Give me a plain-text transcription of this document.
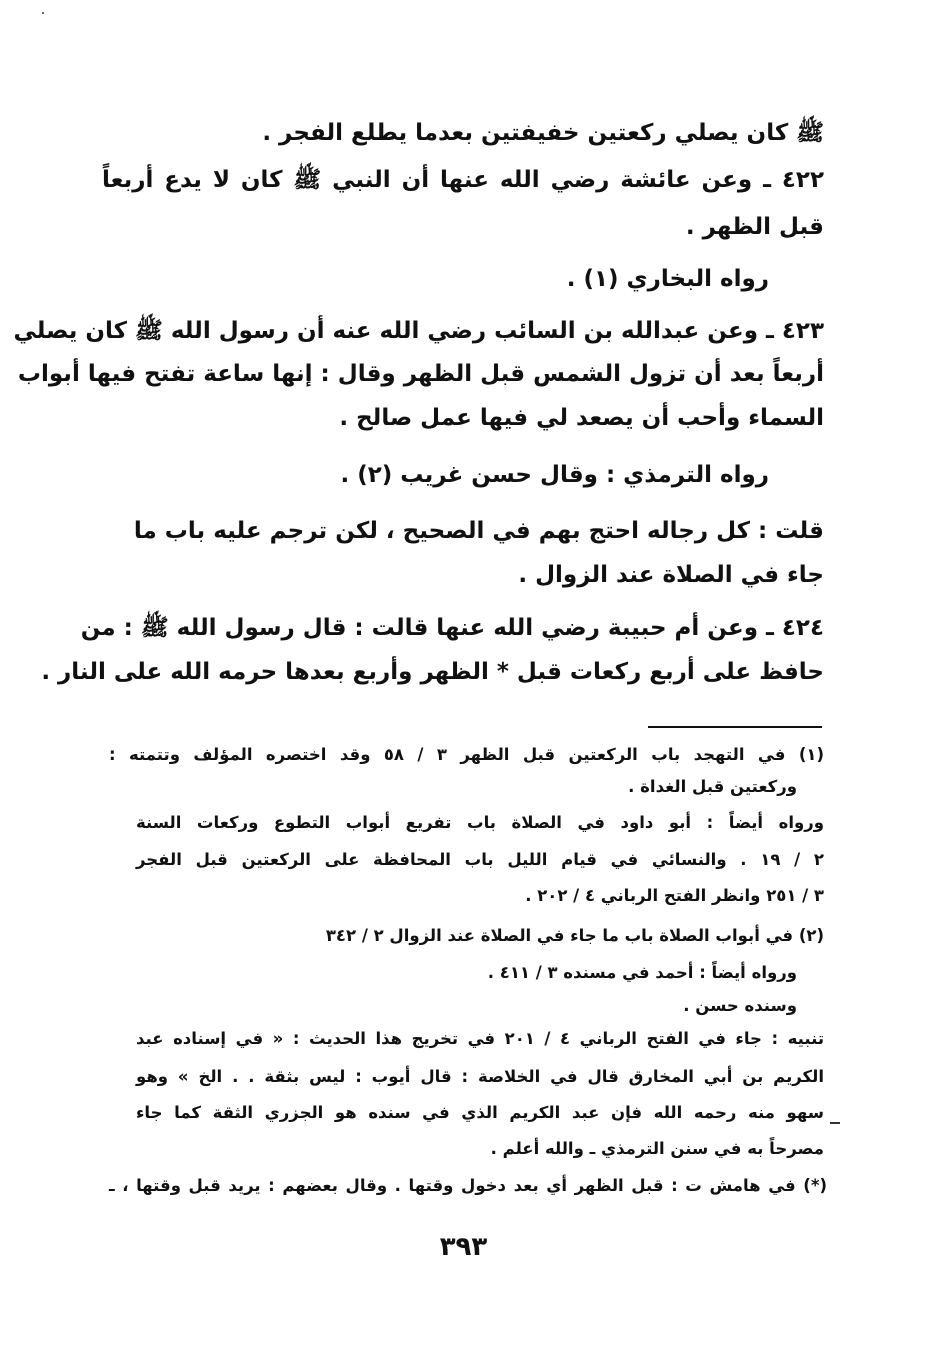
ﷺ كان يصلي ركعتين خفيفتين بعدما يطلع الفجر .
٤٢٢ ـ وعن عائشة رضي الله عنها أن النبي ﷺ كان لا يدع أربعاً
قبل الظهر .
رواه البخاري (١) .
٤٢٣ ـ وعن عبدالله بن السائب رضي الله عنه أن رسول الله ﷺ كان يصلي
أربعاً بعد أن تزول الشمس قبل الظهر وقال : إنها ساعة تفتح فيها أبواب
السماء وأحب أن يصعد لي فيها عمل صالح .
رواه الترمذي : وقال حسن غريب (٢) .
قلت : كل رجاله احتج بهم في الصحيح ، لكن ترجم عليه باب ما
جاء في الصلاة عند الزوال .
٤٢٤ ـ وعن أم حبيبة رضي الله عنها قالت : قال رسول الله ﷺ : من
حافظ على أربع ركعات قبل * الظهر وأربع بعدها حرمه الله على النار .
(١) في التهجد باب الركعتين قبل الظهر ٣ / ٥٨ وقد اختصره المؤلف وتتمته :
وركعتين قبل الغداة .
ورواه أيضاً : أبو داود في الصلاة باب تفريع أبواب التطوع وركعات السنة
٢ / ١٩ . والنسائي في قيام الليل باب المحافظة على الركعتين قبل الفجر
٣ / ٢٥١ وانظر الفتح الرباني ٤ / ٢٠٢ .
(٢) في أبواب الصلاة باب ما جاء في الصلاة عند الزوال ٢ / ٣٤٢
ورواه أيضاً : أحمد في مسنده ٣ / ٤١١ .
وسنده حسن .
تنبيه : جاء في الفتح الرباني ٤ / ٢٠١ في تخريج هذا الحديث : « في إسناده عبد
الكريم بن أبي المخارق قال في الخلاصة : قال أيوب : ليس بثقة . . الخ » وهو
سهو منه رحمه الله فإن عبد الكريم الذي في سنده هو الجزري الثقة كما جاء
مصرحاً به في سنن الترمذي ـ والله أعلم .
(*) في هامش ت : قبل الظهر أي بعد دخول وقتها . وقال بعضهم : يريد قبل وقتها ، ـ
٣٩٣
